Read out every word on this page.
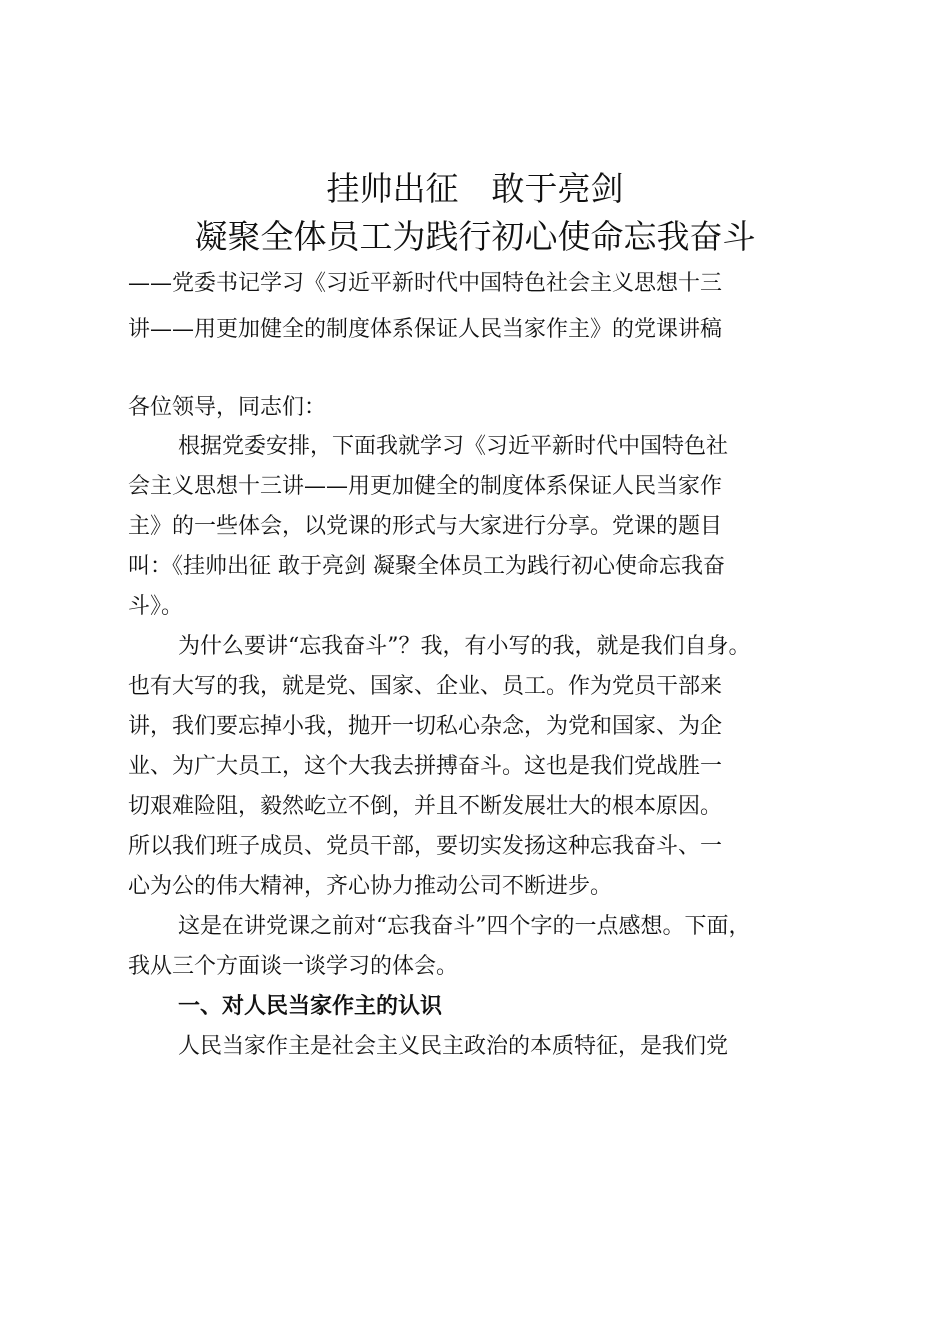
挂帅出征　敢于亮剑
凝聚全体员工为践行初心使命忘我奋斗
——党委书记学习《习近平新时代中国特色社会主义思想十三
讲——用更加健全的制度体系保证人民当家作主》的党课讲稿
各位领导，同志们：
根据党委安排，下面我就学习《习近平新时代中国特色社
会主义思想十三讲——用更加健全的制度体系保证人民当家作
主》的一些体会，以党课的形式与大家进行分享。党课的题目
叫：《挂帅出征 敢于亮剑 凝聚全体员工为践行初心使命忘我奋
斗》。
为什么要讲“忘我奋斗”？我，有小写的我，就是我们自身。
也有大写的我，就是党、国家、企业、员工。作为党员干部来
讲，我们要忘掉小我，抛开一切私心杂念，为党和国家、为企
业、为广大员工，这个大我去拼搏奋斗。这也是我们党战胜一
切艰难险阻，毅然屹立不倒，并且不断发展壮大的根本原因。
所以我们班子成员、党员干部，要切实发扬这种忘我奋斗、一
心为公的伟大精神，齐心协力推动公司不断进步。
这是在讲党课之前对“忘我奋斗”四个字的一点感想。下面，
我从三个方面谈一谈学习的体会。
一、对人民当家作主的认识
人民当家作主是社会主义民主政治的本质特征，是我们党
